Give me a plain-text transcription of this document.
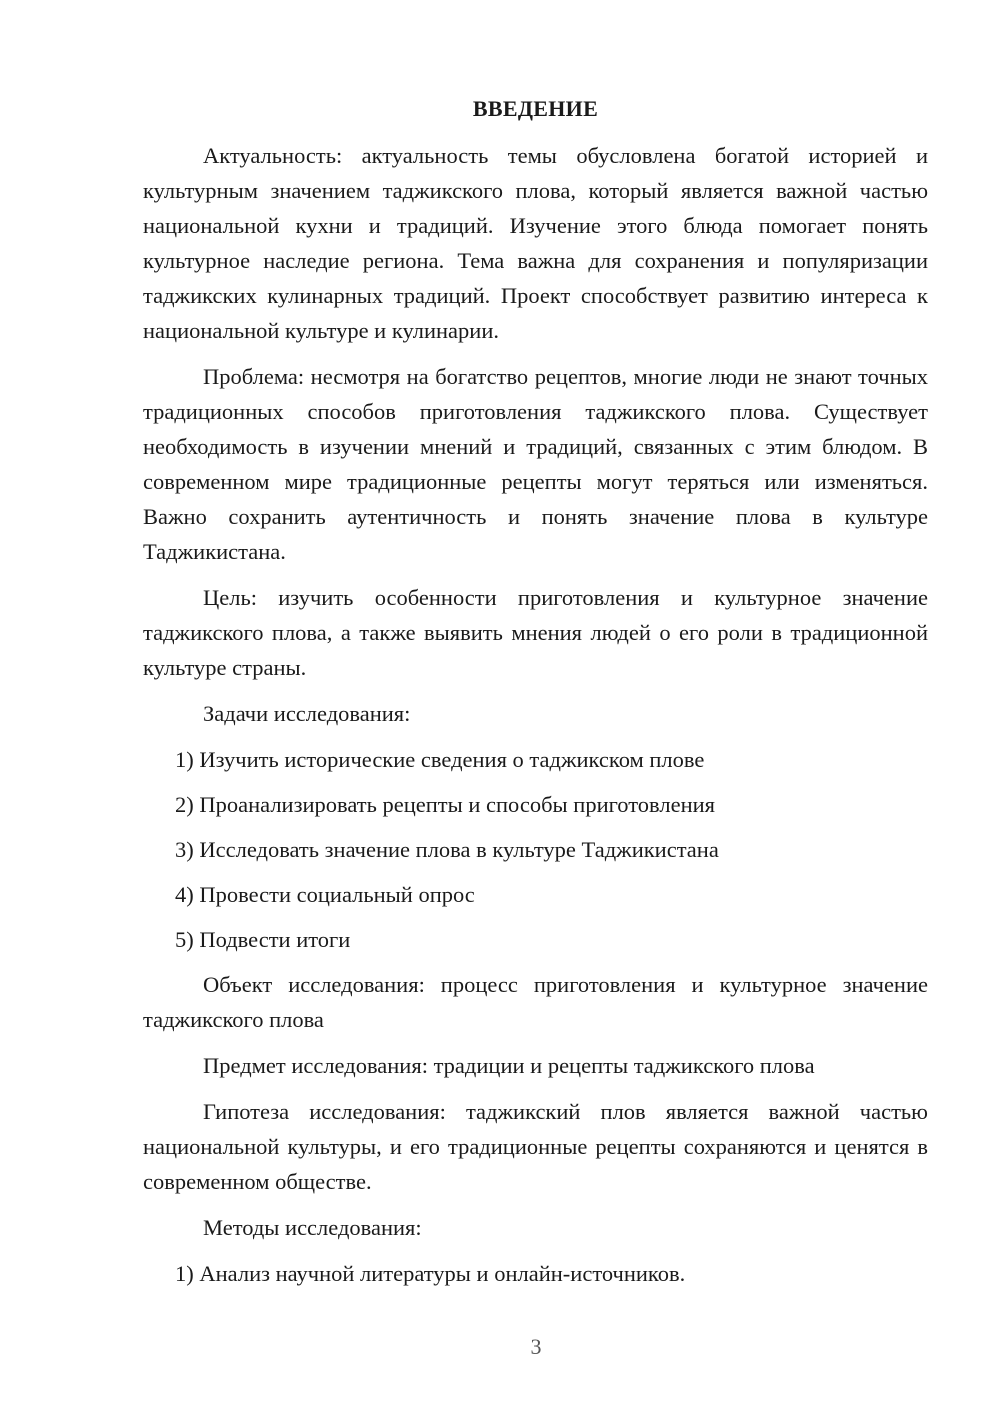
ВВЕДЕНИЕ

Актуальность: актуальность темы обусловлена богатой историей и культурным значением таджикского плова, который является важной частью национальной кухни и традиций. Изучение этого блюда помогает понять культурное наследие региона. Тема важна для сохранения и популяризации таджикских кулинарных традиций. Проект способствует развитию интереса к национальной культуре и кулинарии.

Проблема: несмотря на богатство рецептов, многие люди не знают точных традиционных способов приготовления таджикского плова. Существует необходимость в изучении мнений и традиций, связанных с этим блюдом. В современном мире традиционные рецепты могут теряться или изменяться. Важно сохранить аутентичность и понять значение плова в культуре Таджикистана.

Цель: изучить особенности приготовления и культурное значение таджикского плова, а также выявить мнения людей о его роли в традиционной культуре страны.

Задачи исследования:

1) Изучить исторические сведения о таджикском плове
2) Проанализировать рецепты и способы приготовления
3) Исследовать значение плова в культуре Таджикистана
4) Провести социальный опрос
5) Подвести итоги

Объект исследования: процесс приготовления и культурное значение таджикского плова

Предмет исследования: традиции и рецепты таджикского плова

Гипотеза исследования: таджикский плов является важной частью национальной культуры, и его традиционные рецепты сохраняются и ценятся в современном обществе.

Методы исследования:

1) Анализ научной литературы и онлайн-источников.
3
